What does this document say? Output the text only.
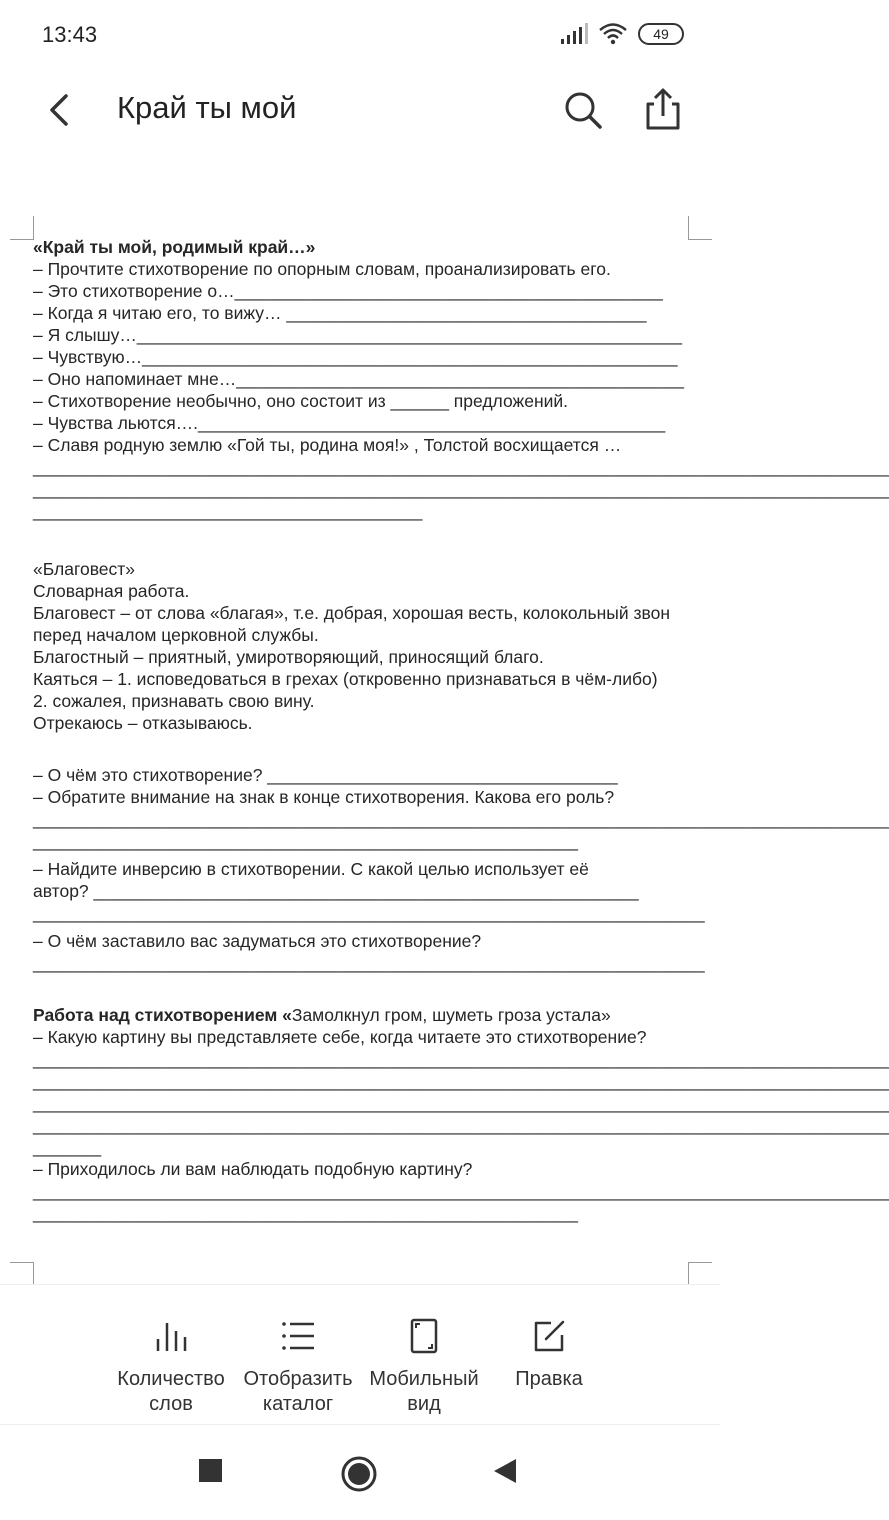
13:43	49
Край ты мой
«Край ты мой, родимый край…»
– Прочтите стихотворение по опорным словам, проанализировать его.
– Это стихотворение о…____________________________________________
– Когда я читаю его, то вижу… _____________________________________
– Я слышу…________________________________________________________
– Чувствую…_______________________________________________________
– Оно напоминает мне…______________________________________________
– Стихотворение необычно, оно состоит из ______ предложений.
– Чувства льются….________________________________________________
– Славя родную землю «Гой ты, родина моя!» , Толстой восхищается …
________________________________________________________________________________________
________________________________________________________________________________________
________________________________________
«Благовест»
Словарная работа.
Благовест – от слова «благая», т.е. добрая, хорошая весть, колокольный звон перед началом церковной службы.
Благостный – приятный, умиротворяющий, приносящий благо.
Каяться – 1. исповедоваться в грехах (откровенно признаваться в чём-либо)
2. сожалея, признавать свою вину.
Отрекаюсь – отказываюсь.
– О чём это стихотворение? ____________________________________
– Обратите внимание на знак в конце стихотворения. Какова его роль?
________________________________________________________________________________________
________________________________________________________
– Найдите инверсию в стихотворении. С какой целью использует её
автор? ________________________________________________________
_____________________________________________________________________
– О чём заставило вас задуматься это стихотворение?
_____________________________________________________________________
Работа над стихотворением «Замолкнул гром, шуметь гроза устала»
– Какую картину вы представляете себе, когда читаете это стихотворение?
________________________________________________________________________________________
________________________________________________________________________________________
________________________________________________________________________________________
________________________________________________________________________________________
_______
– Приходилось ли вам наблюдать подобную картину?
________________________________________________________________________________________
________________________________________________________
Количество
слов
Отобразить
каталог
Мобильный
вид
Правка
